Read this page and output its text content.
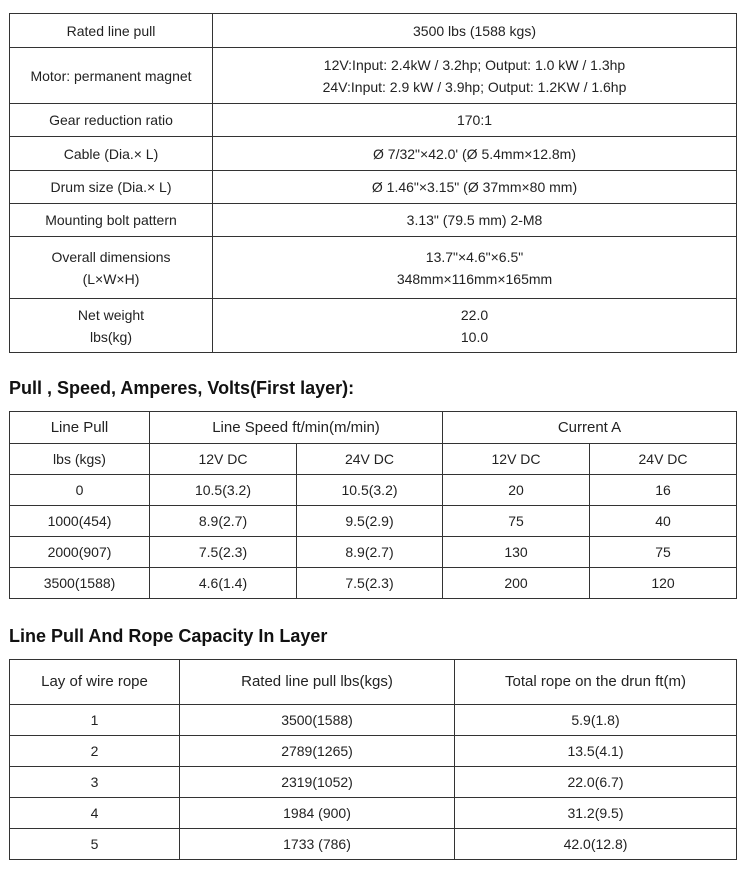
Rated line pull	3500 lbs (1588 kgs)

Motor: permanent magnet	12V:Input: 2.4kW / 3.2hp; Output: 1.0 kW / 1.3hp
24V:Input: 2.9 kW / 3.9hp; Output: 1.2KW / 1.6hp

Gear reduction ratio	170:1

Cable (Dia.× L)	Ø 7/32"×42.0' (Ø 5.4mm×12.8m)

Drum size (Dia.× L)	Ø 1.46"×3.15" (Ø 37mm×80 mm)

Mounting bolt pattern	3.13" (79.5 mm) 2-M8

Overall dimensions
(L×W×H)	13.7"×4.6"×6.5"
348mm×116mm×165mm

Net weight
lbs(kg)	22.0
10.0
Pull , Speed, Amperes, Volts(First layer):
Line Pull	Line Speed ft/min(m/min)		Current A	
lbs (kgs)	12V DC	24V DC	12V DC	24V DC
0	10.5(3.2)	10.5(3.2)	20	16
1000(454)	8.9(2.7)	9.5(2.9)	75	40
2000(907)	7.5(2.3)	8.9(2.7)	130	75
3500(1588)	4.6(1.4)	7.5(2.3)	200	120
Line Pull And Rope Capacity In Layer
Lay of wire rope	Rated line pull lbs(kgs)	Total rope on the drun ft(m)
1	3500(1588)	5.9(1.8)
2	2789(1265)	13.5(4.1)
3	2319(1052)	22.0(6.7)
4	1984 (900)	31.2(9.5)
5	1733 (786)	42.0(12.8)
